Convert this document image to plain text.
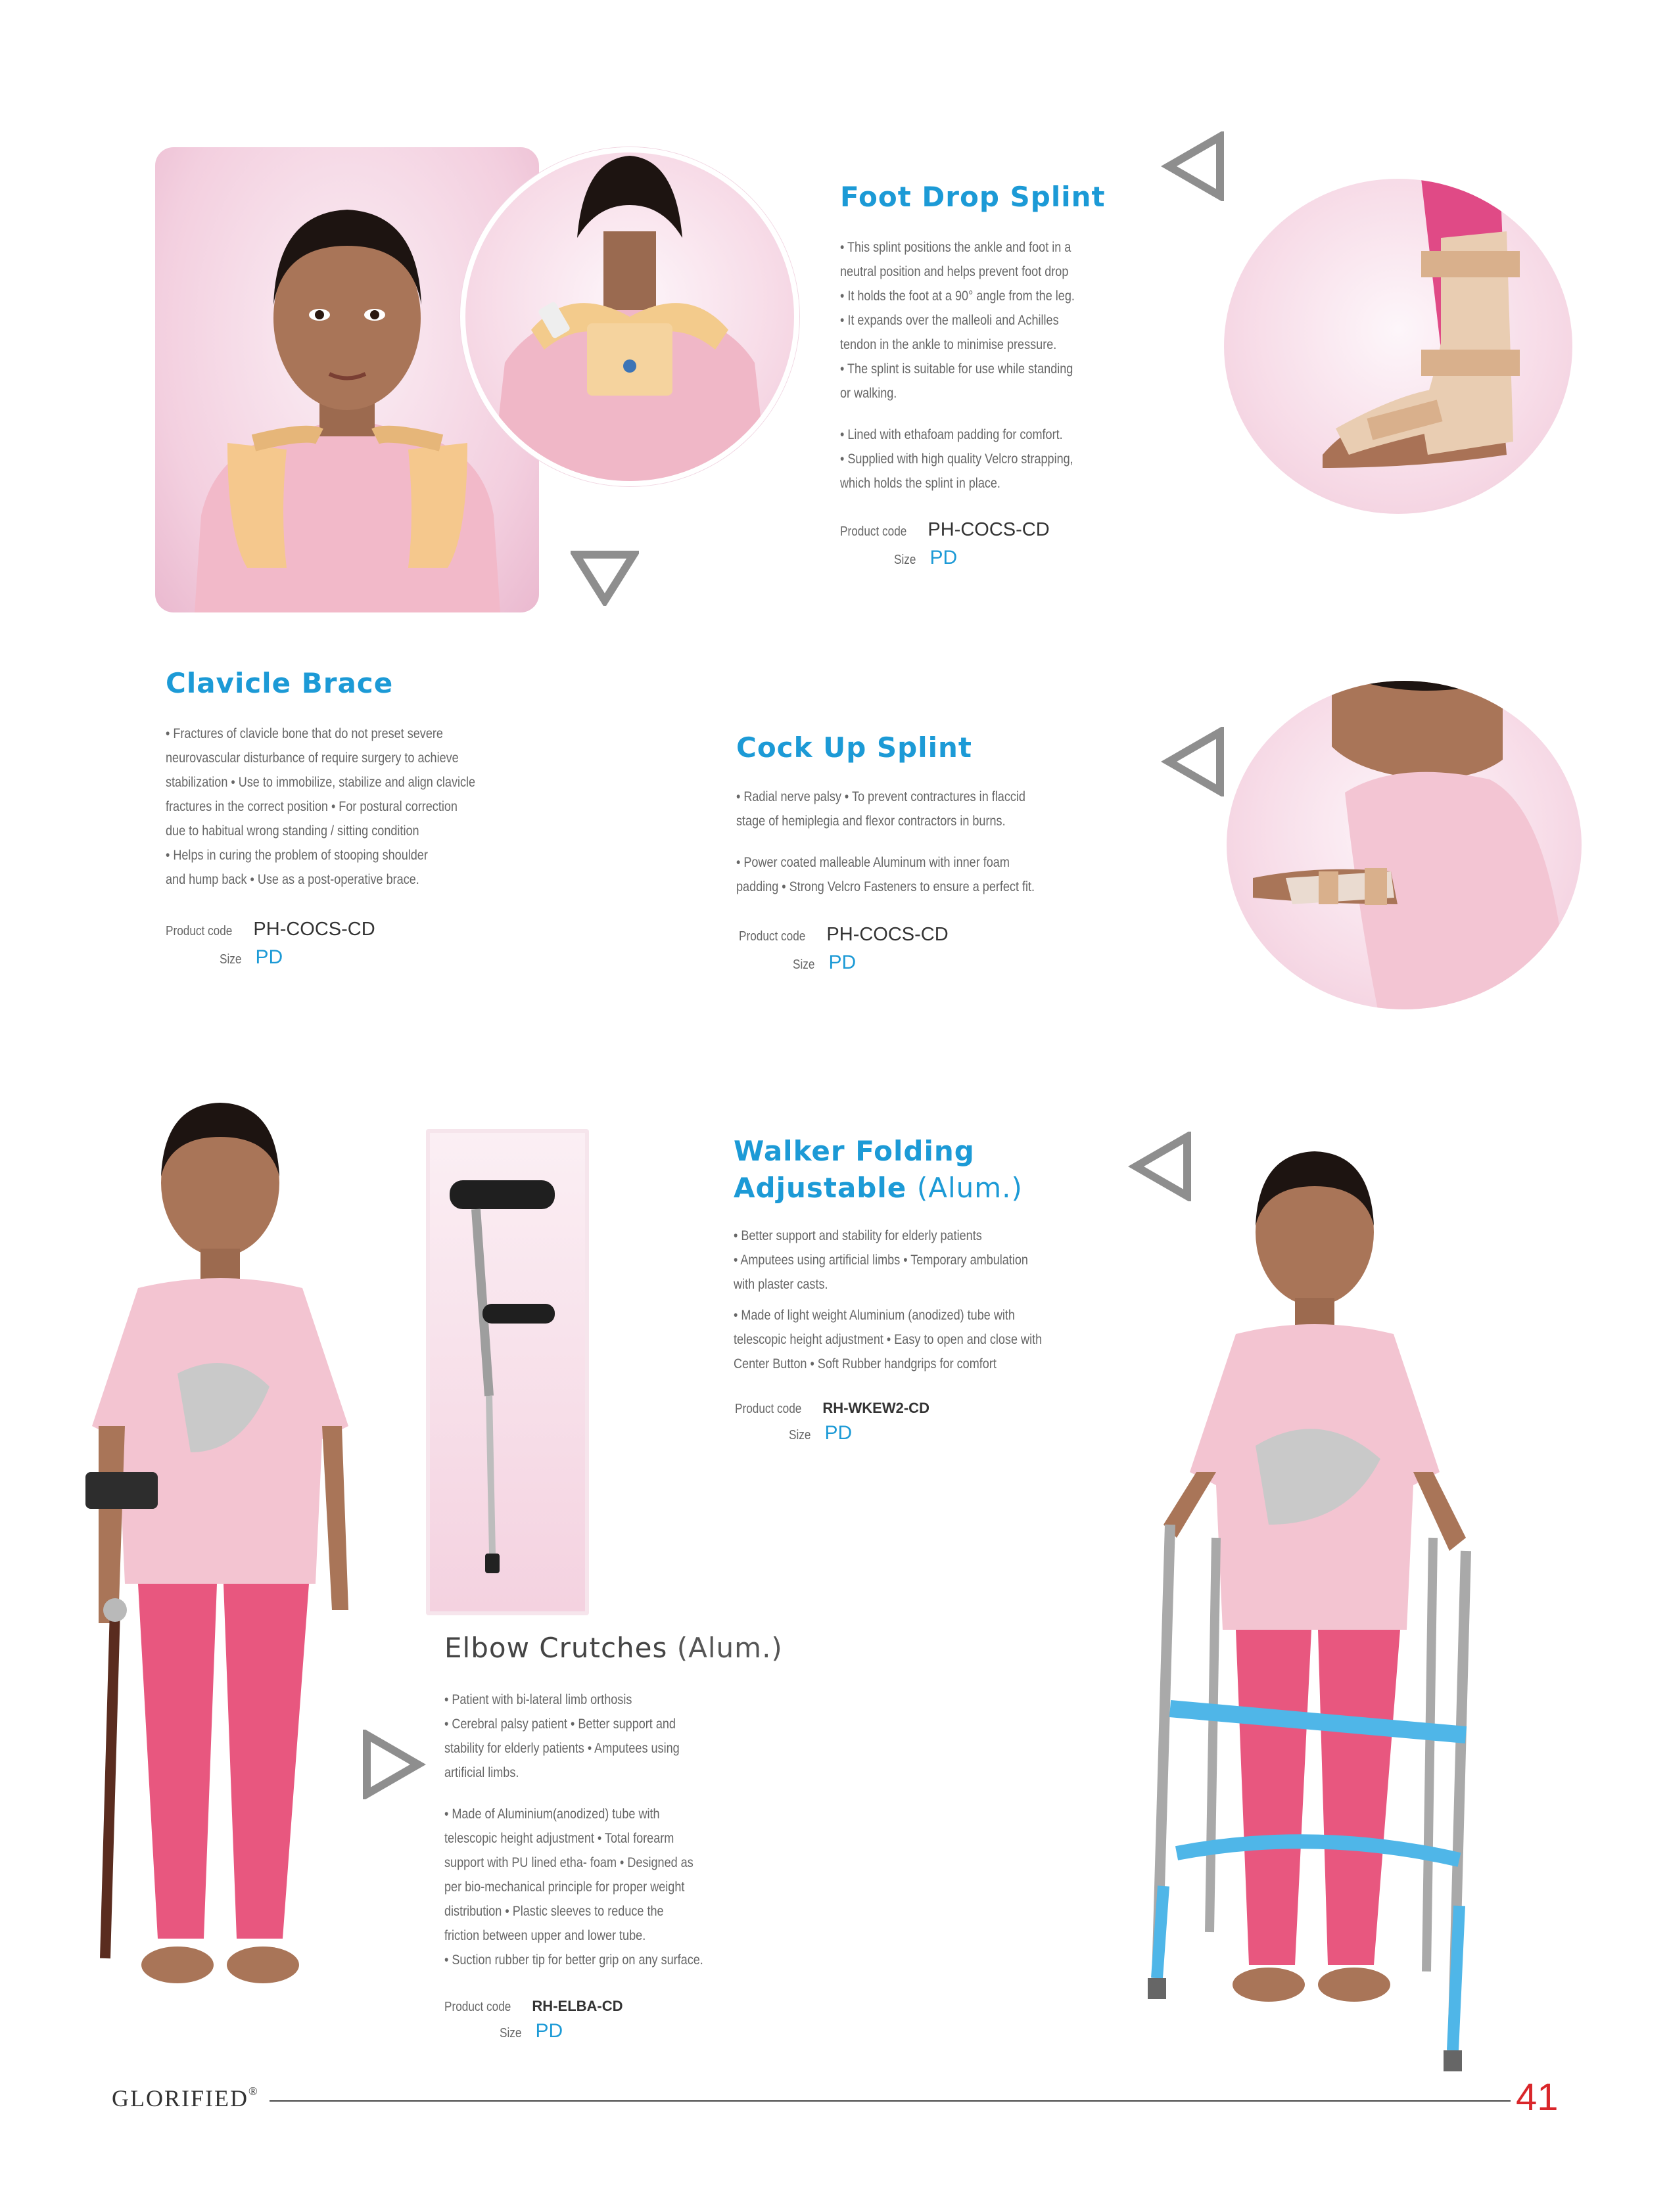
Foot Drop Splint

• This splint positions the ankle and foot in a

neutral position and helps prevent foot drop

• It holds the foot at a 90° angle from the leg.

• It expands over the malleoli and Achilles

tendon in the ankle to minimise pressure.

• The splint is suitable for use while standing

or walking.

• Lined with ethafoam padding for comfort.

• Supplied with high quality Velcro strapping,

which holds the splint in place.

Product code PH-COCS-CD
Size PD
Clavicle Brace

• Fractures of clavicle bone that do not preset severe

neurovascular disturbance of require surgery to achieve

stabilization • Use to immobilize, stabilize and align clavicle

fractures in the correct position • For postural correction

due to habitual wrong standing / sitting condition

• Helps in curing the problem of stooping shoulder

and hump back • Use as a post-operative brace.

Product code PH-COCS-CD
Size PD
Cock Up Splint

• Radial nerve palsy • To prevent contractures in flaccid

stage of hemiplegia and flexor contractors in burns.

• Power coated malleable Aluminum with inner foam

padding • Strong Velcro Fasteners to ensure a perfect fit.

Product code PH-COCS-CD
Size PD
Elbow Crutches (Alum.)

• Patient with bi-lateral limb orthosis

• Cerebral palsy patient • Better support and

stability for elderly patients • Amputees using

artificial limbs.

• Made of Aluminium(anodized) tube with

telescopic height adjustment • Total forearm

support with PU lined etha- foam • Designed as

per bio-mechanical principle for proper weight

distribution • Plastic sleeves to reduce the

friction between upper and lower tube.

• Suction rubber tip for better grip on any surface.

Product code RH-ELBA-CD
Size PD
Walker Folding
Adjustable (Alum.)

• Better support and stability for elderly patients

• Amputees using artificial limbs • Temporary ambulation

with plaster casts.

• Made of light weight Aluminium (anodized) tube with

telescopic height adjustment • Easy to open and close with

Center Button • Soft Rubber handgrips for comfort

Product code RH-WKEW2-CD
Size PD
GLORIFIED®	41
